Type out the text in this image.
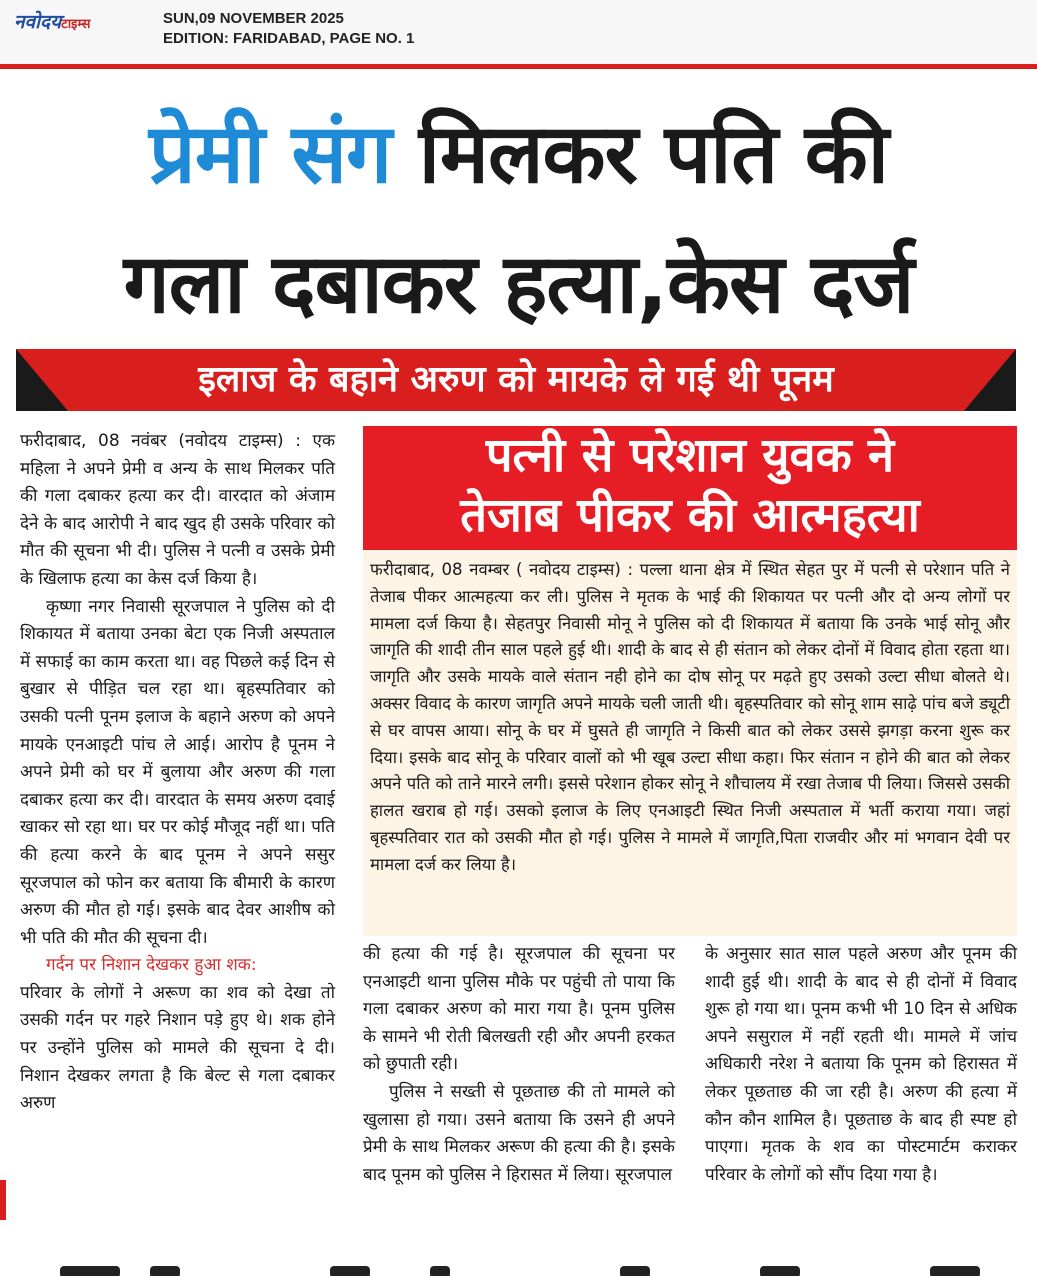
नवोदयटाइम्स	SUN,09 NOVEMBER 2025
EDITION: FARIDABAD, PAGE NO. 1
प्रेमी संग मिलकर पति की
गला दबाकर हत्या,केस दर्ज
इलाज के बहाने अरुण को मायके ले गई थी पूनम

फरीदाबाद, 08 नवंबर (नवोदय टाइम्स) : एक महिला ने अपने प्रेमी व अन्य के साथ मिलकर पति की गला दबाकर हत्या कर दी। वारदात को अंजाम देने के बाद आरोपी ने बाद खुद ही उसके परिवार को मौत की सूचना भी दी। पुलिस ने पत्नी व उसके प्रेमी के खिलाफ हत्या का केस दर्ज किया है।

कृष्णा नगर निवासी सूरजपाल ने पुलिस को दी शिकायत में बताया उनका बेटा एक निजी अस्पताल में सफाई का काम करता था। वह पिछले कई दिन से बुखार से पीड़ित चल रहा था। बृहस्पतिवार को उसकी पत्नी पूनम इलाज के बहाने अरुण को अपने मायके एनआइटी पांच ले आई। आरोप है पूनम ने अपने प्रेमी को घर में बुलाया और अरुण की गला दबाकर हत्या कर दी। वारदात के समय अरुण दवाई खाकर सो रहा था। घर पर कोई मौजूद नहीं था। पति की हत्या करने के बाद पूनम ने अपने ससुर सूरजपाल को फोन कर बताया कि बीमारी के कारण अरुण की मौत हो गई। इसके बाद देवर आशीष को भी पति की मौत की सूचना दी।

गर्दन पर निशान देखकर हुआ शक:

परिवार के लोगों ने अरूण का शव को देखा तो उसकी गर्दन पर गहरे निशान पड़े हुए थे। शक होने पर उन्होंने पुलिस को मामले की सूचना दे दी। निशान देखकर लगता है कि बेल्ट से गला दबाकर अरुण

पत्नी से परेशान युवक ने
तेजाब पीकर की आत्महत्या
फरीदाबाद, 08 नवम्बर ( नवोदय टाइम्स) : पल्ला थाना क्षेत्र में स्थित सेहत पुर में पत्नी से परेशान पति ने तेजाब पीकर आत्महत्या कर ली। पुलिस ने मृतक के भाई की शिकायत पर पत्नी और दो अन्य लोगों पर मामला दर्ज किया है। सेहतपुर निवासी मोनू ने पुलिस को दी शिकायत में बताया कि उनके भाई सोनू और जागृति की शादी तीन साल पहले हुई थी। शादी के बाद से ही संतान को लेकर दोनों में विवाद होता रहता था। जागृति और उसके मायके वाले संतान नही होने का दोष सोनू पर मढ़ते हुए उसको उल्टा सीधा बोलते थे। अक्सर विवाद के कारण जागृति अपने मायके चली जाती थी। बृहस्पतिवार को सोनू शाम साढ़े पांच बजे ड्यूटी से घर वापस आया। सोनू के घर में घुसते ही जागृति ने किसी बात को लेकर उससे झगड़ा करना शुरू कर दिया। इसके बाद सोनू के परिवार वालों को भी खूब उल्टा सीधा कहा। फिर संतान न होने की बात को लेकर अपने पति को ताने मारने लगी। इससे परेशान होकर सोनू ने शौचालय में रखा तेजाब पी लिया। जिससे उसकी हालत खराब हो गई। उसको इलाज के लिए एनआइटी स्थित निजी अस्पताल में भर्ती कराया गया। जहां बृहस्पतिवार रात को उसकी मौत हो गई। पुलिस ने मामले में जागृति,पिता राजवीर और मां भगवान देवी पर मामला दर्ज कर लिया है।

की हत्या की गई है। सूरजपाल की सूचना पर एनआइटी थाना पुलिस मौके पर पहुंची तो पाया कि गला दबाकर अरुण को मारा गया है। पूनम पुलिस के सामने भी रोती बिलखती रही और अपनी हरकत को छुपाती रही।

पुलिस ने सख्ती से पूछताछ की तो मामले को खुलासा हो गया। उसने बताया कि उसने ही अपने प्रेमी के साथ मिलकर अरूण की हत्या की है। इसके बाद पूनम को पुलिस ने हिरासत में लिया। सूरजपाल

के अनुसार सात साल पहले अरुण और पूनम की शादी हुई थी। शादी के बाद से ही दोनों में विवाद शुरू हो गया था। पूनम कभी भी 10 दिन से अधिक अपने ससुराल में नहीं रहती थी। मामले में जांच अधिकारी नरेश ने बताया कि पूनम को हिरासत में लेकर पूछताछ की जा रही है। अरुण की हत्या में कौन कौन शामिल है। पूछताछ के बाद ही स्पष्ट हो पाएगा। मृतक के शव का पोस्टमार्टम कराकर परिवार के लोगों को सौंप दिया गया है।
